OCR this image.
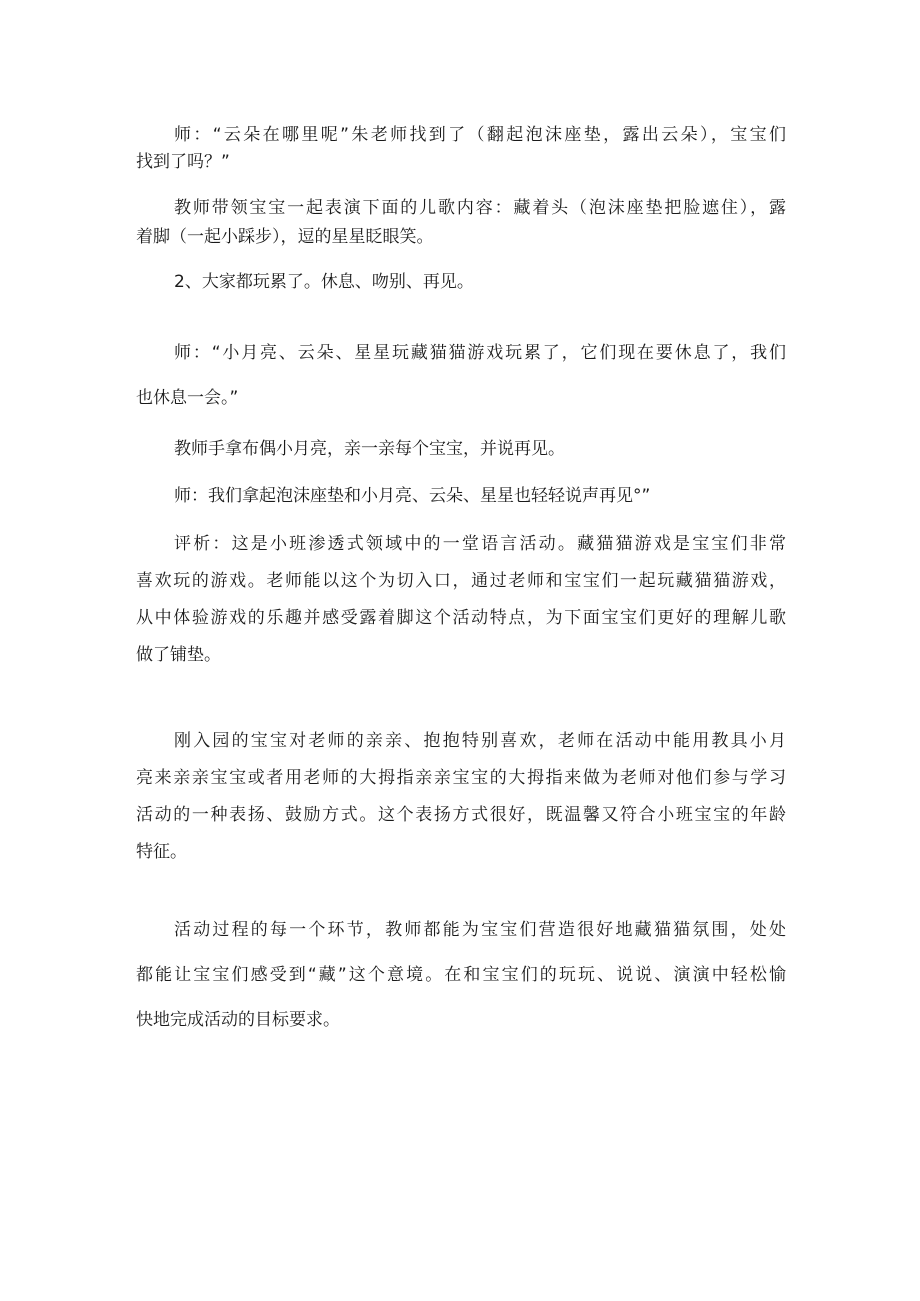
师：“云朵在哪里呢”朱老师找到了（翻起泡沫座垫，露出云朵），宝宝们
找到了吗？”
教师带领宝宝一起表演下面的儿歌内容：藏着头（泡沫座垫把脸遮住），露
着脚（一起小踩步），逗的星星眨眼笑。
2、大家都玩累了。休息、吻别、再见。
师：“小月亮、云朵、星星玩藏猫猫游戏玩累了，它们现在要休息了，我们
也休息一会。”
教师手拿布偶小月亮，亲一亲每个宝宝，并说再见。
师：我们拿起泡沫座垫和小月亮、云朵、星星也轻轻说声再见°”
评析：这是小班渗透式领域中的一堂语言活动。藏猫猫游戏是宝宝们非常
喜欢玩的游戏。老师能以这个为切入口，通过老师和宝宝们一起玩藏猫猫游戏，
从中体验游戏的乐趣并感受露着脚这个活动特点，为下面宝宝们更好的理解儿歌
做了铺垫。
刚入园的宝宝对老师的亲亲、抱抱特别喜欢，老师在活动中能用教具小月
亮来亲亲宝宝或者用老师的大拇指亲亲宝宝的大拇指来做为老师对他们参与学习
活动的一种表扬、鼓励方式。这个表扬方式很好，既温馨又符合小班宝宝的年龄
特征。
活动过程的每一个环节，教师都能为宝宝们营造很好地藏猫猫氛围，处处
都能让宝宝们感受到“藏”这个意境。在和宝宝们的玩玩、说说、演演中轻松愉
快地完成活动的目标要求。
